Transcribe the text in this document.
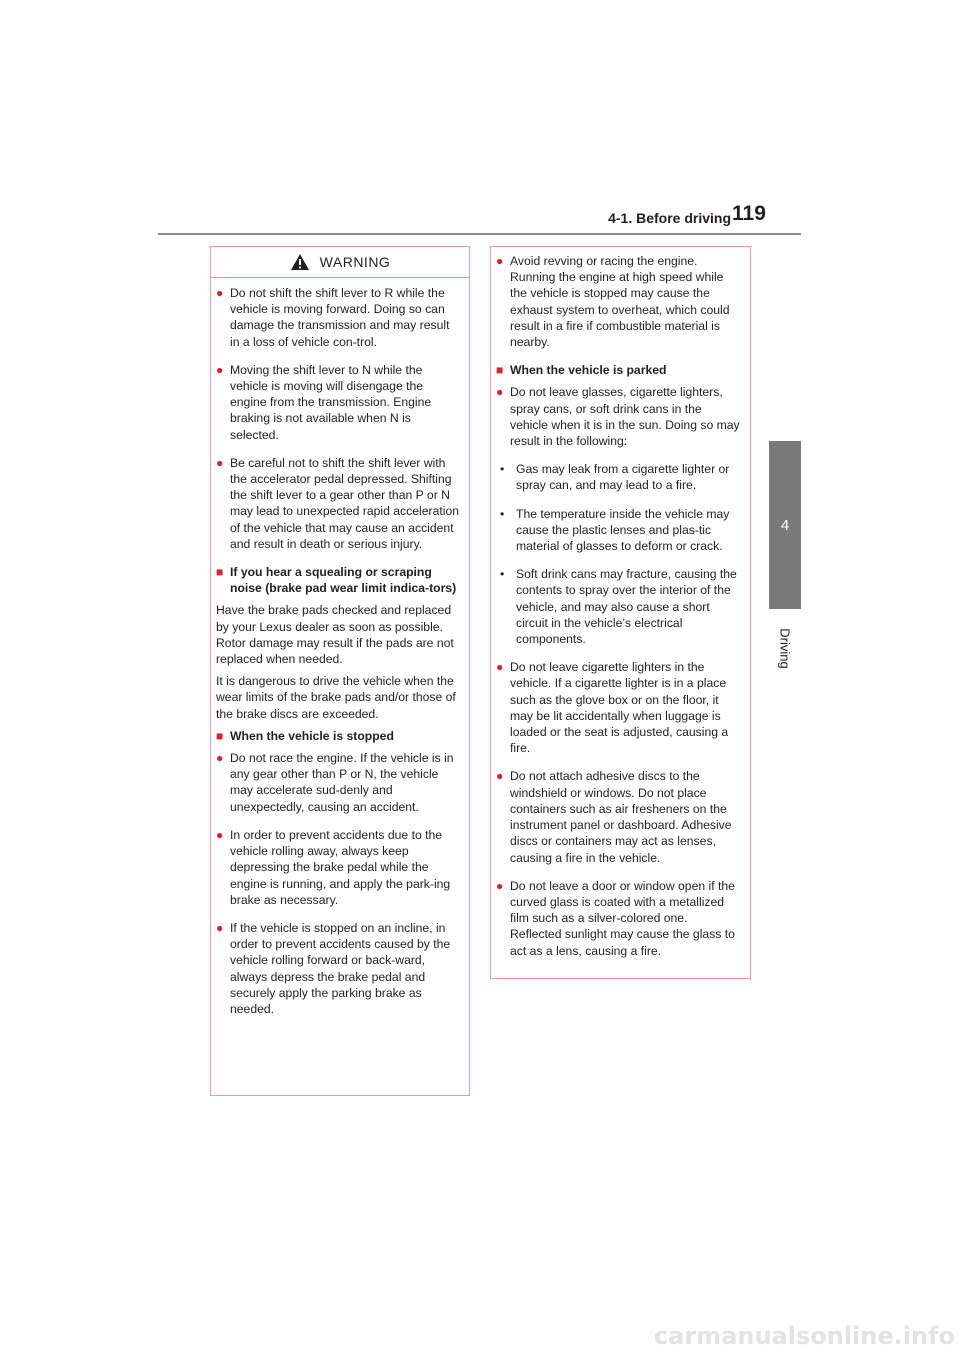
4-1. Before driving 119
4
Driving
WARNING
● Do not shift the shift lever to R while the vehicle is moving forward. Doing so can damage the transmission and may result in a loss of vehicle con-trol.
● Moving the shift lever to N while the vehicle is moving will disengage the engine from the transmission. Engine braking is not available when N is selected.
● Be careful not to shift the shift lever with the accelerator pedal depressed. Shifting the shift lever to a gear other than P or N may lead to unexpected rapid acceleration of the vehicle that may cause an accident and result in death or serious injury.
■ If you hear a squealing or scraping noise (brake pad wear limit indica-tors)
Have the brake pads checked and replaced by your Lexus dealer as soon as possible. Rotor damage may result if the pads are not replaced when needed.
It is dangerous to drive the vehicle when the wear limits of the brake pads and/or those of the brake discs are exceeded.
■ When the vehicle is stopped
● Do not race the engine. If the vehicle is in any gear other than P or N, the vehicle may accelerate sud-denly and unexpectedly, causing an accident.
● In order to prevent accidents due to the vehicle rolling away, always keep depressing the brake pedal while the engine is running, and apply the park-ing brake as necessary.
● If the vehicle is stopped on an incline, in order to prevent accidents caused by the vehicle rolling forward or back-ward, always depress the brake pedal and securely apply the parking brake as needed.
● Avoid revving or racing the engine. Running the engine at high speed while the vehicle is stopped may cause the exhaust system to overheat, which could result in a fire if combustible material is nearby.
■ When the vehicle is parked
● Do not leave glasses, cigarette lighters, spray cans, or soft drink cans in the vehicle when it is in the sun. Doing so may result in the following:
• Gas may leak from a cigarette lighter or spray can, and may lead to a fire.
• The temperature inside the vehicle may cause the plastic lenses and plas-tic material of glasses to deform or crack.
• Soft drink cans may fracture, causing the contents to spray over the interior of the vehicle, and may also cause a short circuit in the vehicle’s electrical components.
● Do not leave cigarette lighters in the vehicle. If a cigarette lighter is in a place such as the glove box or on the floor, it may be lit accidentally when luggage is loaded or the seat is adjusted, causing a fire.
● Do not attach adhesive discs to the windshield or windows. Do not place containers such as air fresheners on the instrument panel or dashboard. Adhesive discs or containers may act as lenses, causing a fire in the vehicle.
● Do not leave a door or window open if the curved glass is coated with a metallized film such as a silver-colored one. Reflected sunlight may cause the glass to act as a lens, causing a fire.
carmanualsonline.info
